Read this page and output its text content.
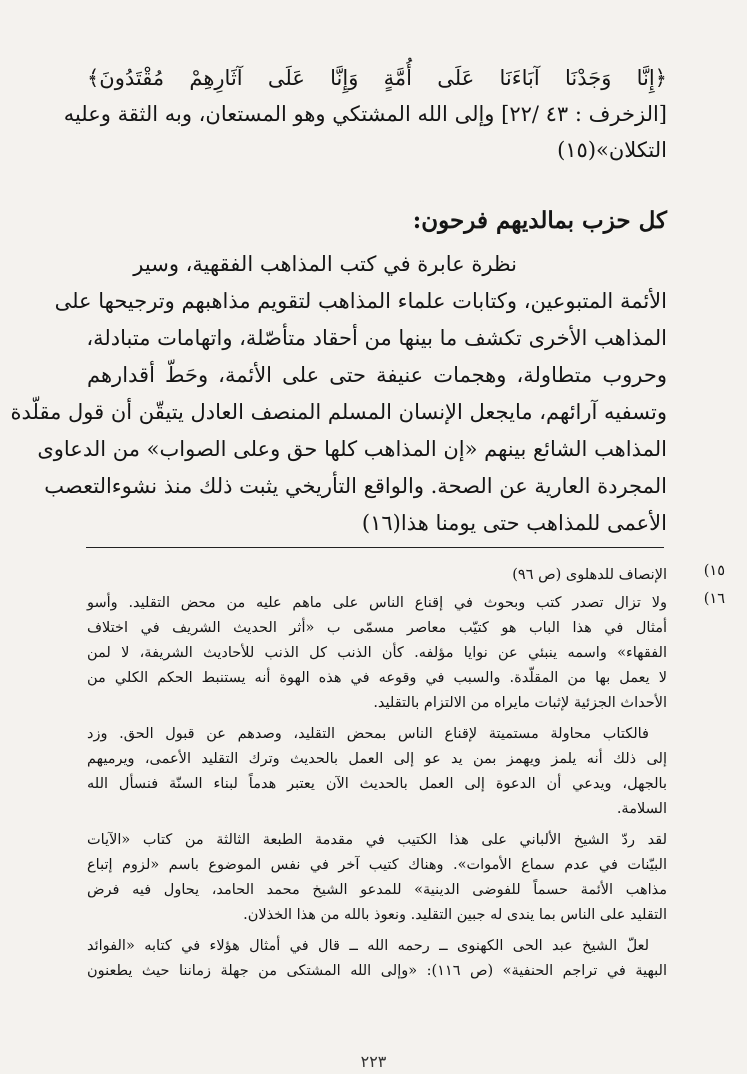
﴿إِنَّا وَجَدْنَا آبَاءَنَا عَلَى أُمَّةٍ وَإِنَّا عَلَى آثَارِهِمْ مُقْتَدُونَ﴾
[الزخرف : ٤٣ /٢٢] وإلى الله المشتكي وهو المستعان، وبه الثقة وعليه
التكلان»(١٥)
كل حزب بمالديهم فرحون:
نظرة عابرة في كتب المذاهب الفقهية، وسير
الأئمة المتبوعين، وكتابات علماء المذاهب لتقويم مذاهبهم وترجيحها على
المذاهب الأخرى تكشف ما بينها من أحقاد متأصّلة، واتهامات متبادلة،
وحروب متطاولة، وهجمات عنيفة حتى على الأئمة، وحَطّ أقدارهم
وتسفيه آرائهم، مايجعل الإنسان المسلم المنصف العادل يتيقّن أن قول مقلّدة
المذاهب الشائع بينهم «إن المذاهب كلها حق وعلى الصواب» من الدعاوى
المجردة العارية عن الصحة. والواقع التأريخي يثبت ذلك منذ نشوءالتعصب
الأعمى للمذاهب حتى يومنا هذا(١٦)
١٥)
الإنصاف للدهلوى (ص ٩٦)
١٦)
ولا تزال تصدر كتب وبحوث في إقناع الناس على ماهم عليه من محض التقليد. وأسو
أمثال في هذا الباب هو كتيّب معاصر مسمّى ب «أثر الحديث الشريف في اختلاف
الفقهاء» واسمه ينبئي عن نوايا مؤلفه. كأن الذنب كل الذنب للأحاديث الشريفة، لا لمن
لا يعمل بها من المقلّدة. والسبب في وقوعه في هذه الهوة أنه يستنبط الحكم الكلي من
الأحداث الجزئية لإثبات مايراه من الالتزام بالتقليد.
فالكتاب محاولة مستميتة لإقناع الناس بمحض التقليد، وصدهم عن قبول الحق. وزد
إلى ذلك أنه يلمز ويهمز بمن يد عو إلى العمل بالحديث وترك التقليد الأعمى، ويرميهم
بالجهل، ويدعي أن الدعوة إلى العمل بالحديث الآن يعتبر هدماً لبناء السنّة فنسأل الله
السلامة.
لقد ردّ الشيخ الألباني على هذا الكتيب في مقدمة الطبعة الثالثة من كتاب «الآيات
البيّنات في عدم سماع الأموات». وهناك كتيب آخر في نفس الموضوع باسم «لزوم إتباع
مذاهب الأئمة حسماً للفوضى الدينية» للمدعو الشيخ محمد الحامد، يحاول فيه فرض
التقليد على الناس بما يندى له جبين التقليد. ونعوذ بالله من هذا الخذلان.
لعلّ الشيخ عبد الحى الكهنوى ــ رحمه الله ــ قال في أمثال هؤلاء في كتابه «الفوائد
البهية في تراجم الحنفية» (ص ١١٦): «وإلى الله المشتكى من جهلة زماننا حيث يطعنون
٢٢٣
